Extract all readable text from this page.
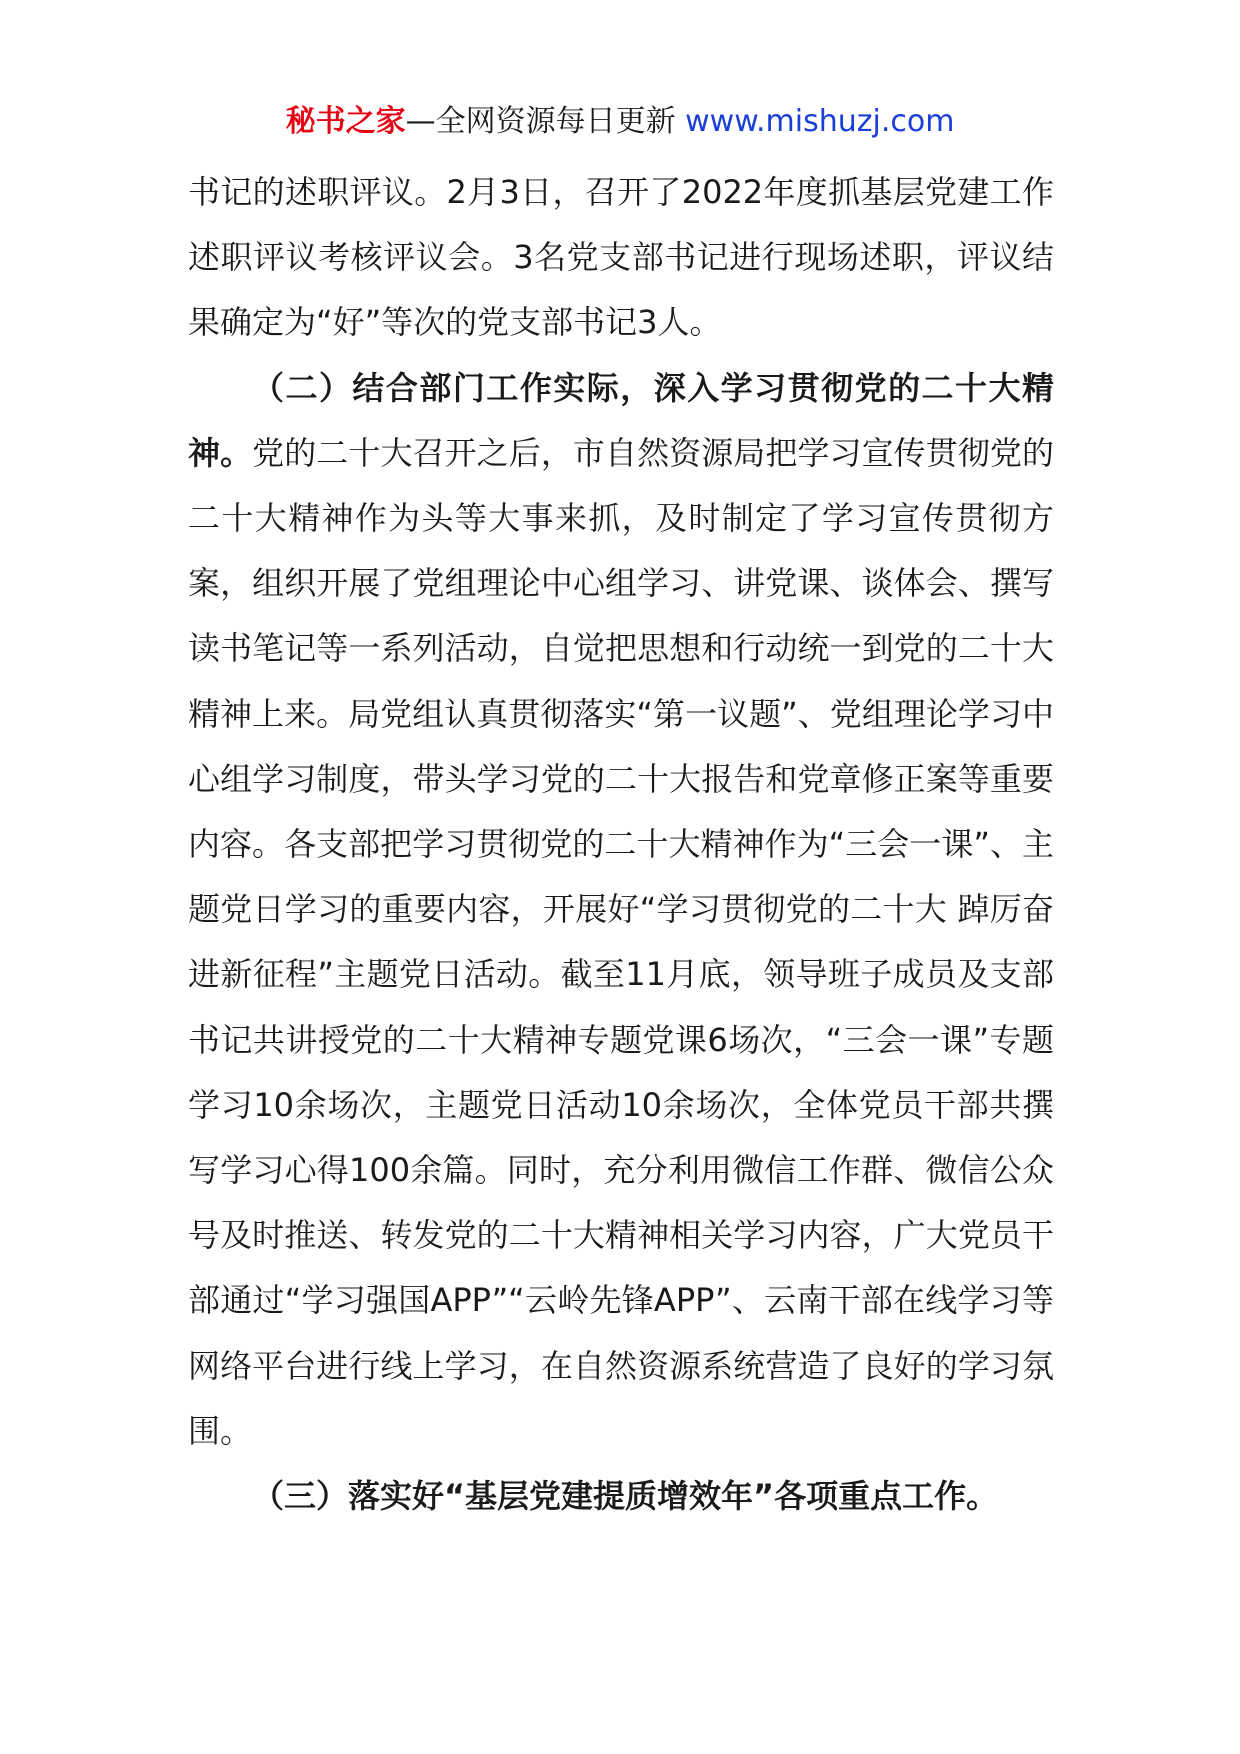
秘书之家—全网资源每日更新 www.mishuzj.com

书记的述职评议。2月3日，召开了2022年度抓基层党建工作述职评议考核评议会。3名党支部书记进行现场述职，评议结果确定为“好”等次的党支部书记3人。

（二）结合部门工作实际，深入学习贯彻党的二十大精神。党的二十大召开之后，市自然资源局把学习宣传贯彻党的二十大精神作为头等大事来抓，及时制定了学习宣传贯彻方案，组织开展了党组理论中心组学习、讲党课、谈体会、撰写读书笔记等一系列活动，自觉把思想和行动统一到党的二十大精神上来。局党组认真贯彻落实“第一议题”、党组理论学习中心组学习制度，带头学习党的二十大报告和党章修正案等重要内容。各支部把学习贯彻党的二十大精神作为“三会一课”、主题党日学习的重要内容，开展好“学习贯彻党的二十大 踔厉奋进新征程”主题党日活动。截至11月底，领导班子成员及支部书记共讲授党的二十大精神专题党课6场次，“三会一课”专题学习10余场次，主题党日活动10余场次，全体党员干部共撰写学习心得100余篇。同时，充分利用微信工作群、微信公众号及时推送、转发党的二十大精神相关学习内容，广大党员干部通过“学习强国APP”“云岭先锋APP”、云南干部在线学习等网络平台进行线上学习，在自然资源系统营造了良好的学习氛围。

（三）落实好“基层党建提质增效年”各项重点工作。
